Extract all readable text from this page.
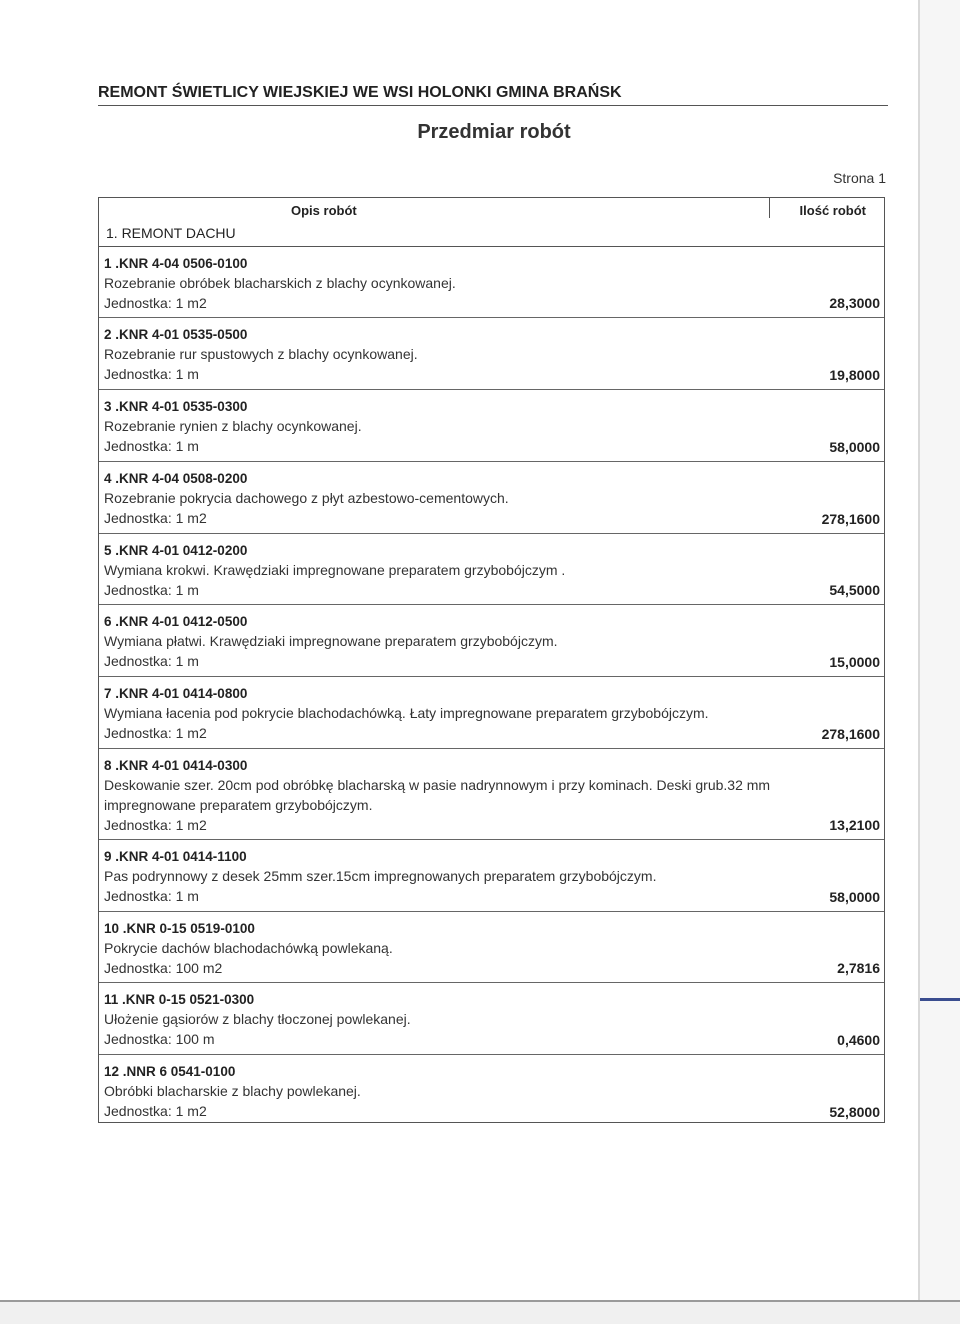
REMONT ŚWIETLICY WIEJSKIEJ WE WSI HOLONKI GMINA BRAŃSK
Przedmiar robót
Strona 1
Opis robót	Ilość robót
1. REMONT DACHU
1 .KNR 4-04 0506-0100
Rozebranie obróbek blacharskich z blachy ocynkowanej.
Jednostka: 1 m2	28,3000
2 .KNR 4-01 0535-0500
Rozebranie rur spustowych z blachy ocynkowanej.
Jednostka: 1 m	19,8000
3 .KNR 4-01 0535-0300
Rozebranie rynien z blachy ocynkowanej.
Jednostka: 1 m	58,0000
4 .KNR 4-04 0508-0200
Rozebranie pokrycia dachowego z płyt azbestowo-cementowych.
Jednostka: 1 m2	278,1600
5 .KNR 4-01 0412-0200
Wymiana krokwi. Krawędziaki impregnowane preparatem grzybobójczym .
Jednostka: 1 m	54,5000
6 .KNR 4-01 0412-0500
Wymiana płatwi. Krawędziaki impregnowane preparatem grzybobójczym.
Jednostka: 1 m	15,0000
7 .KNR 4-01 0414-0800
Wymiana łacenia pod pokrycie blachodachówką. Łaty impregnowane preparatem grzybobójczym.
Jednostka: 1 m2	278,1600
8 .KNR 4-01 0414-0300
Deskowanie szer. 20cm pod obróbkę blacharską w pasie nadrynnowym i przy kominach. Deski grub.32 mm impregnowane preparatem grzybobójczym.
Jednostka: 1 m2	13,2100
9 .KNR 4-01 0414-1100
Pas podrynnowy z desek 25mm szer.15cm impregnowanych preparatem grzybobójczym.
Jednostka: 1 m	58,0000
10 .KNR 0-15 0519-0100
Pokrycie dachów blachodachówką powlekaną.
Jednostka: 100 m2	2,7816
11 .KNR 0-15 0521-0300
Ułożenie gąsiorów z blachy tłoczonej powlekanej.
Jednostka: 100 m	0,4600
12 .NNR 6 0541-0100
Obróbki blacharskie z blachy powlekanej.
Jednostka: 1 m2	52,8000
